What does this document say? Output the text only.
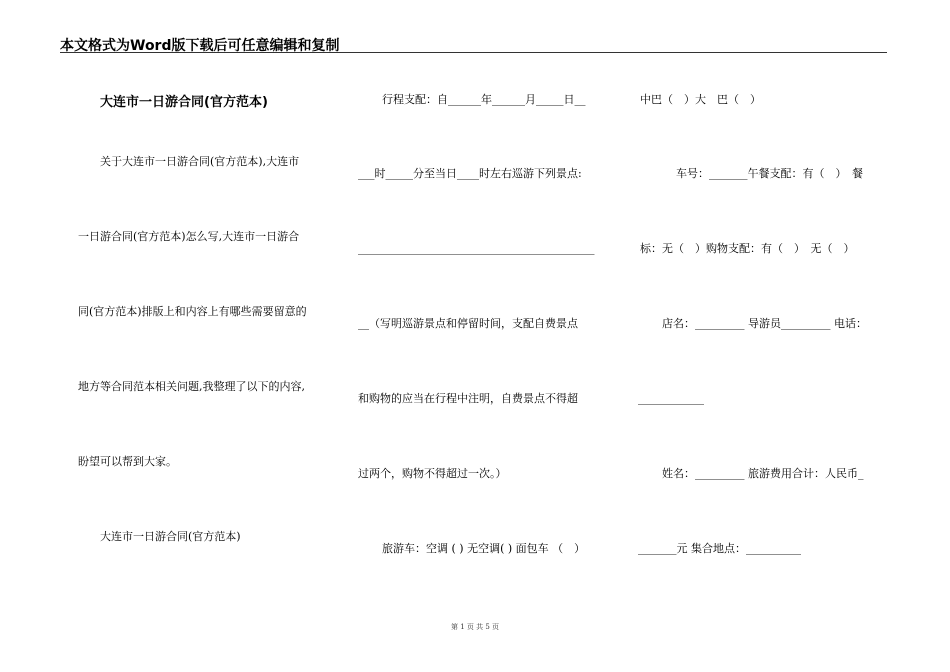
本文格式为Word版下载后可任意编辑和复制
大连市一日游合同(官方范本)
关于大连市一日游合同(官方范本),大连市
一日游合同(官方范本)怎么写,大连市一日游合
同(官方范本)排版上和内容上有哪些需要留意的
地方等合同范本相关问题,我整理了以下的内容,
盼望可以帮到大家。
大连市一日游合同(官方范本)
行程支配：自______年______月_____日__
___时_____分至当日____时左右巡游下列景点:
___________________________________________
__（写明巡游景点和停留时间，支配自费景点
和购物的应当在行程中注明，自费景点不得超
过两个，购物不得超过一次。）
旅游车：空调 ( ) 无空调( ) 面包车 （　）
中巴（　）大　巴（　）
车号：_______午餐支配：有（　）　餐
标：无（　）购物支配：有（　）　无（　）
店名：_________ 导游员_________ 电话：
____________
姓名：_________ 旅游费用合计：人民币_
_______元 集合地点：__________
第 1 页 共 5 页
